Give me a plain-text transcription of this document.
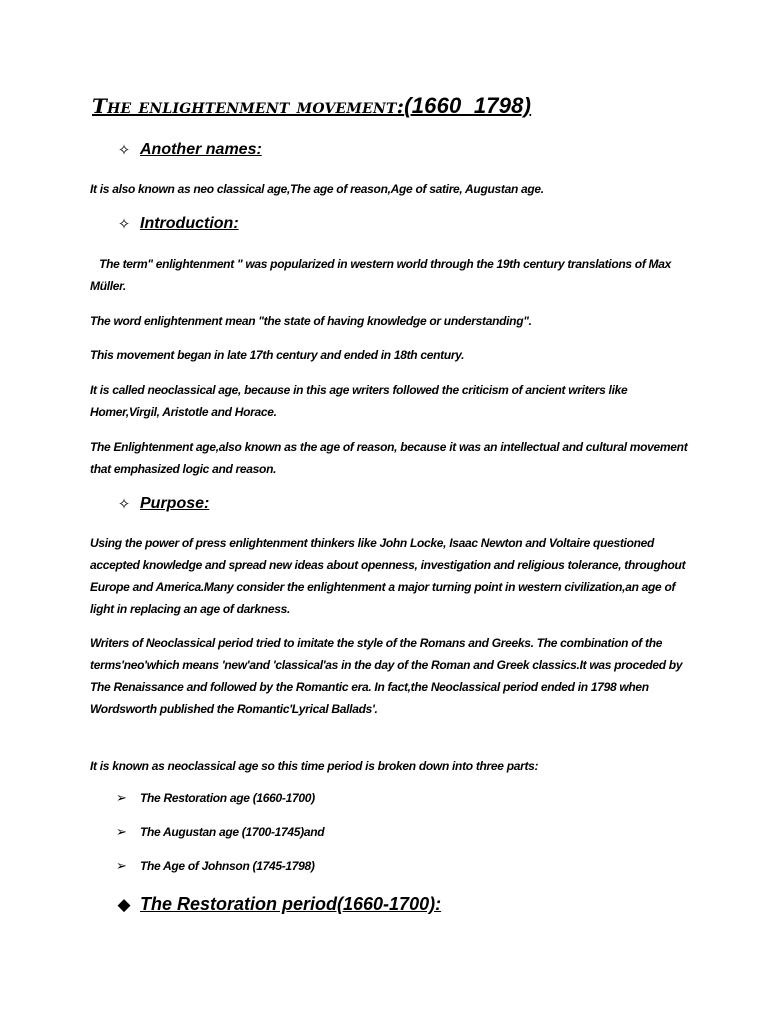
The enlightenment movement:(1660_1798)
✧ Another names:

It is also known as neo classical age,The age of reason,Age of satire, Augustan age.

✧ Introduction:

The term" enlightenment " was popularized in western world through the 19th century translations of Max Müller.

The word enlightenment mean "the state of having knowledge or understanding".

This movement began in late 17th century and ended in 18th century.

It is called neoclassical age, because in this age writers followed the criticism of ancient writers like Homer,Virgil, Aristotle and Horace.

The Enlightenment age,also known as the age of reason, because it was an intellectual and cultural movement that emphasized logic and reason.

✧ Purpose:

Using the power of press enlightenment thinkers like John Locke, Isaac Newton and Voltaire questioned accepted knowledge and spread new ideas about openness, investigation and religious tolerance, throughout Europe and America.Many consider the enlightenment a major turning point in western civilization,an age of light in replacing an age of darkness.

Writers of Neoclassical period tried to imitate the style of the Romans and Greeks. The combination of the terms'neo'which means 'new'and 'classical'as in the day of the Roman and Greek classics.It was proceded by The Renaissance and followed by the Romantic era. In fact,the Neoclassical period ended in 1798 when Wordsworth published the Romantic'Lyrical Ballads'.

It is known as neoclassical age so this time period is broken down into three parts:

➢ The Restoration age (1660-1700)
➢ The Augustan age (1700-1745)and
➢ The Age of Johnson (1745-1798)
◆ The Restoration period(1660-1700):
